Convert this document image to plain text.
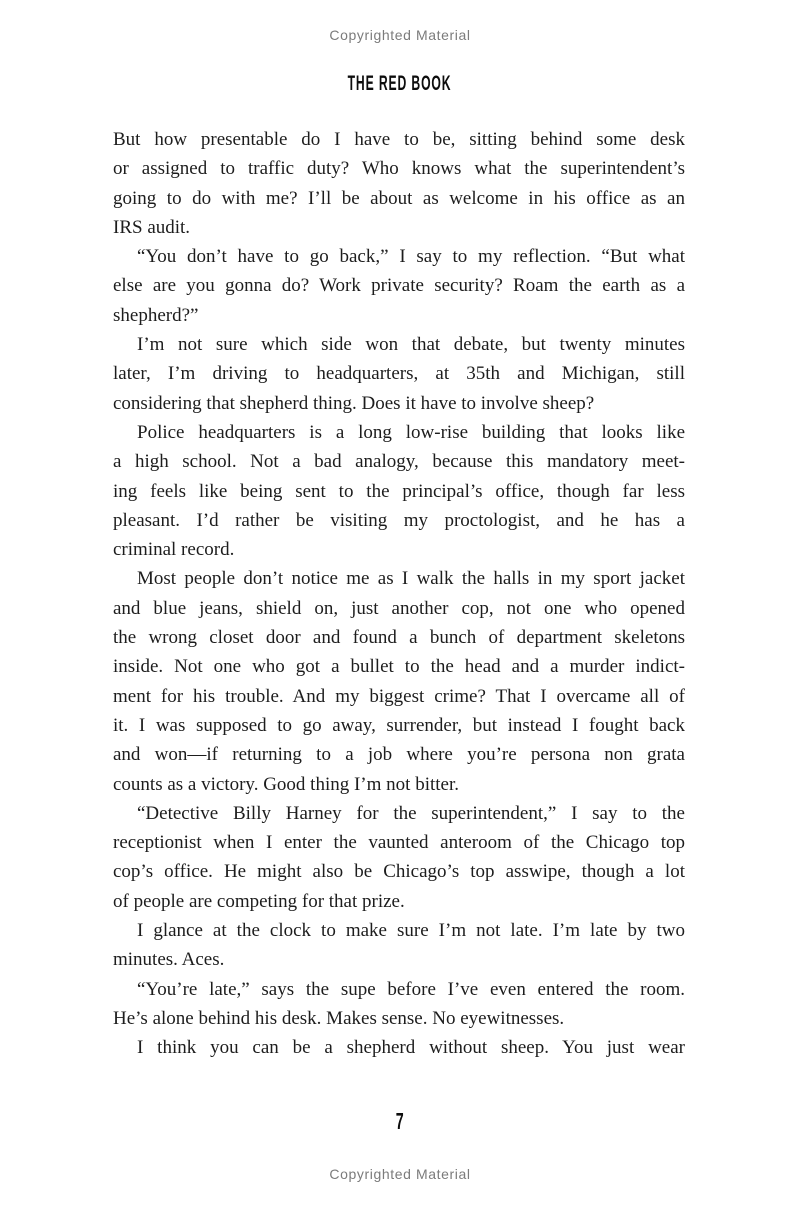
Copyrighted Material
THE RED BOOK

But how presentable do I have to be, sitting behind some desk
or assigned to traffic duty? Who knows what the superintendent’s
going to do with me? I’ll be about as welcome in his office as an
IRS audit.

“You don’t have to go back,” I say to my reflection. “But what
else are you gonna do? Work private security? Roam the earth as a
shepherd?”

I’m not sure which side won that debate, but twenty minutes
later, I’m driving to headquarters, at 35th and Michigan, still
considering that shepherd thing. Does it have to involve sheep?

Police headquarters is a long low-rise building that looks like
a high school. Not a bad analogy, because this mandatory meet-
ing feels like being sent to the principal’s office, though far less
pleasant. I’d rather be visiting my proctologist, and he has a
criminal record.

Most people don’t notice me as I walk the halls in my sport jacket
and blue jeans, shield on, just another cop, not one who opened
the wrong closet door and found a bunch of department skeletons
inside. Not one who got a bullet to the head and a murder indict-
ment for his trouble. And my biggest crime? That I overcame all of
it. I was supposed to go away, surrender, but instead I fought back
and won—if returning to a job where you’re persona non grata
counts as a victory. Good thing I’m not bitter.

“Detective Billy Harney for the superintendent,” I say to the
receptionist when I enter the vaunted anteroom of the Chicago top
cop’s office. He might also be Chicago’s top asswipe, though a lot
of people are competing for that prize.

I glance at the clock to make sure I’m not late. I’m late by two
minutes. Aces.

“You’re late,” says the supe before I’ve even entered the room.
He’s alone behind his desk. Makes sense. No eyewitnesses.

I think you can be a shepherd without sheep. You just wear

7
Copyrighted Material
